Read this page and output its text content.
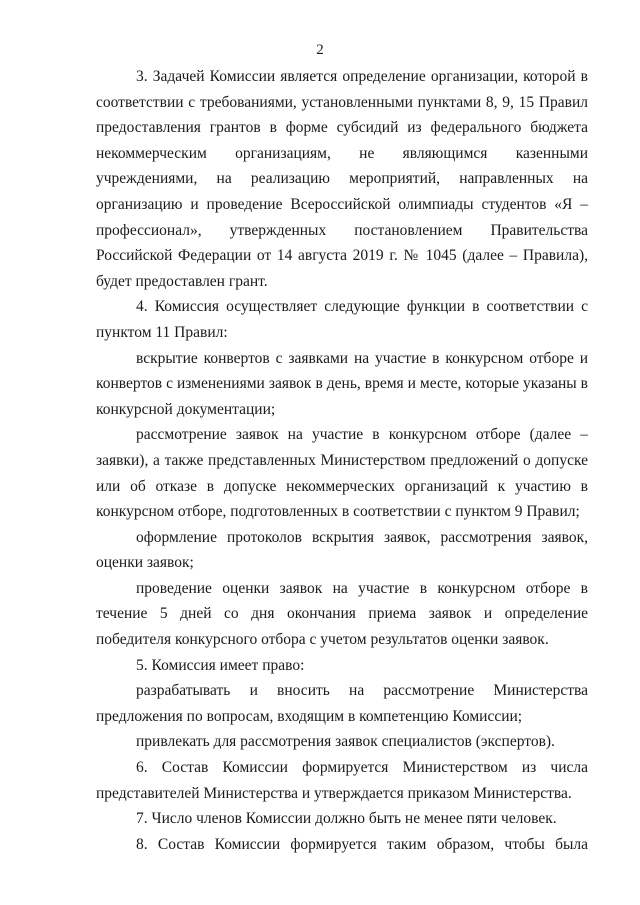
2

3. Задачей Комиссии является определение организации, которой в соответствии с требованиями, установленными пунктами 8, 9, 15 Правил предоставления грантов в форме субсидий из федерального бюджета некоммерческим организациям, не являющимся казенными учреждениями, на реализацию мероприятий, направленных на организацию и проведение Всероссийской олимпиады студентов «Я – профессионал», утвержденных постановлением Правительства Российской Федерации от 14 августа 2019 г. № 1045 (далее – Правила), будет предоставлен грант.

4. Комиссия осуществляет следующие функции в соответствии с пунктом 11 Правил:

вскрытие конвертов с заявками на участие в конкурсном отборе и конвертов с изменениями заявок в день, время и месте, которые указаны в конкурсной документации;

рассмотрение заявок на участие в конкурсном отборе (далее – заявки), а также представленных Министерством предложений о допуске или об отказе в допуске некоммерческих организаций к участию в конкурсном отборе, подготовленных в соответствии с пунктом 9 Правил;

оформление протоколов вскрытия заявок, рассмотрения заявок, оценки заявок;

проведение оценки заявок на участие в конкурсном отборе в течение 5 дней со дня окончания приема заявок и определение победителя конкурсного отбора с учетом результатов оценки заявок.

5. Комиссия имеет право:

разрабатывать и вносить на рассмотрение Министерства предложения по вопросам, входящим в компетенцию Комиссии;

привлекать для рассмотрения заявок специалистов (экспертов).

6. Состав Комиссии формируется Министерством из числа представителей Министерства и утверждается приказом Министерства.

7. Число членов Комиссии должно быть не менее пяти человек.

8. Состав Комиссии формируется таким образом, чтобы была
